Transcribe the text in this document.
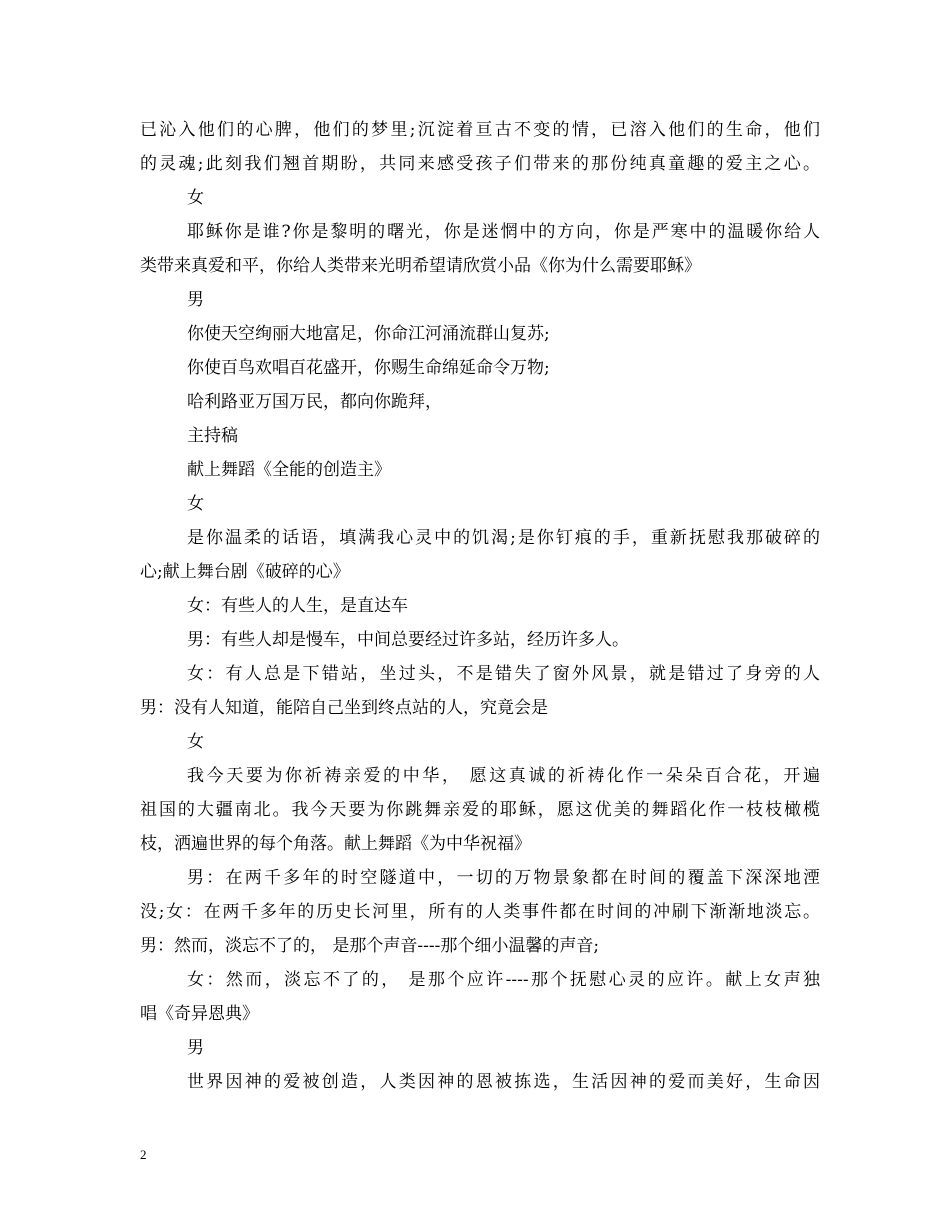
已沁入他们的心脾，他们的梦里;沉淀着亘古不变的情，已溶入他们的生命，他们
的灵魂;此刻我们翘首期盼，共同来感受孩子们带来的那份纯真童趣的爱主之心。
女
耶稣你是谁?你是黎明的曙光，你是迷惘中的方向，你是严寒中的温暖你给人
类带来真爱和平，你给人类带来光明希望请欣赏小品《你为什么需要耶稣》
男
你使天空绚丽大地富足，你命江河涌流群山复苏;
你使百鸟欢唱百花盛开，你赐生命绵延命令万物;
哈利路亚万国万民，都向你跪拜，
主持稿
献上舞蹈《全能的创造主》
女
是你温柔的话语，填满我心灵中的饥渴;是你钉痕的手，重新抚慰我那破碎的
心;献上舞台剧《破碎的心》
女：有些人的人生，是直达车
男：有些人却是慢车，中间总要经过许多站，经历许多人。
女：有人总是下错站，坐过头，不是错失了窗外风景，就是错过了身旁的人
男：没有人知道，能陪自己坐到终点站的人，究竟会是
女
我今天要为你祈祷亲爱的中华， 愿这真诚的祈祷化作一朵朵百合花，开遍
祖国的大疆南北。我今天要为你跳舞亲爱的耶稣，愿这优美的舞蹈化作一枝枝橄榄
枝，洒遍世界的每个角落。献上舞蹈《为中华祝福》
男：在两千多年的时空隧道中，一切的万物景象都在时间的覆盖下深深地湮
没;女：在两千多年的历史长河里，所有的人类事件都在时间的冲刷下渐渐地淡忘。
男：然而，淡忘不了的， 是那个声音----那个细小温馨的声音;
女：然而，淡忘不了的， 是那个应许----那个抚慰心灵的应许。献上女声独
唱《奇异恩典》
男
世界因神的爱被创造，人类因神的恩被拣选，生活因神的爱而美好，生命因
2
